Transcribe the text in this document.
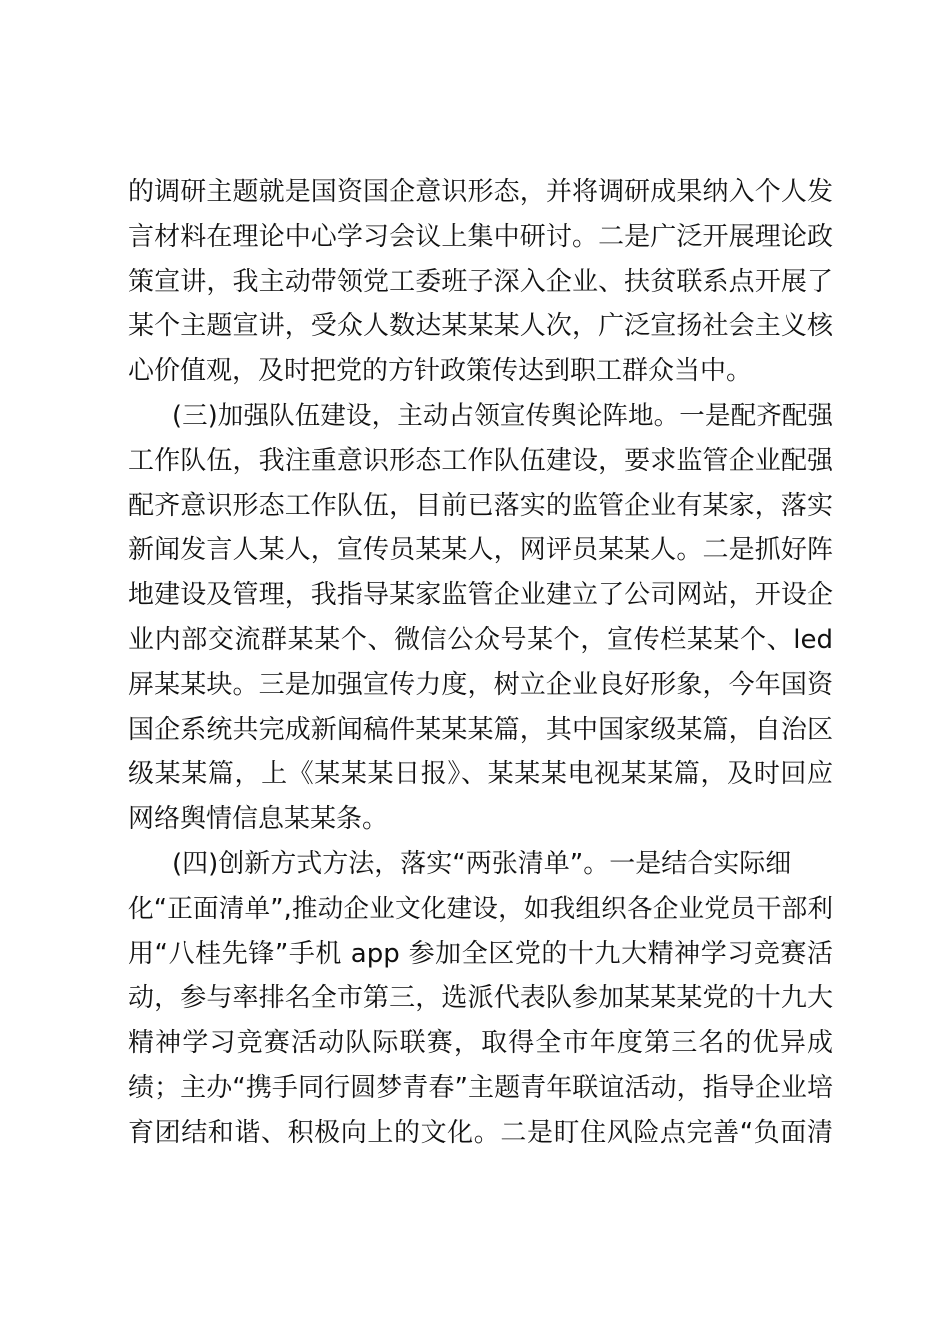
的调研主题就是国资国企意识形态，并将调研成果纳入个人发
言材料在理论中心学习会议上集中研讨。二是广泛开展理论政
策宣讲，我主动带领党工委班子深入企业、扶贫联系点开展了
某个主题宣讲，受众人数达某某某人次，广泛宣扬社会主义核
心价值观，及时把党的方针政策传达到职工群众当中。
(三)加强队伍建设，主动占领宣传舆论阵地。一是配齐配强
工作队伍，我注重意识形态工作队伍建设，要求监管企业配强
配齐意识形态工作队伍，目前已落实的监管企业有某家，落实
新闻发言人某人，宣传员某某人，网评员某某人。二是抓好阵
地建设及管理，我指导某家监管企业建立了公司网站，开设企
业内部交流群某某个、微信公众号某个，宣传栏某某个、led
屏某某块。三是加强宣传力度，树立企业良好形象，今年国资
国企系统共完成新闻稿件某某某篇，其中国家级某篇，自治区
级某某篇，上《某某某日报》、某某某电视某某篇，及时回应
网络舆情信息某某条。
(四)创新方式方法，落实“两张清单”。一是结合实际细
化“正面清单”,推动企业文化建设，如我组织各企业党员干部利
用“八桂先锋”手机 app 参加全区党的十九大精神学习竞赛活
动，参与率排名全市第三，选派代表队参加某某某党的十九大
精神学习竞赛活动队际联赛，取得全市年度第三名的优异成
绩；主办“携手同行圆梦青春”主题青年联谊活动，指导企业培
育团结和谐、积极向上的文化。二是盯住风险点完善“负面清
